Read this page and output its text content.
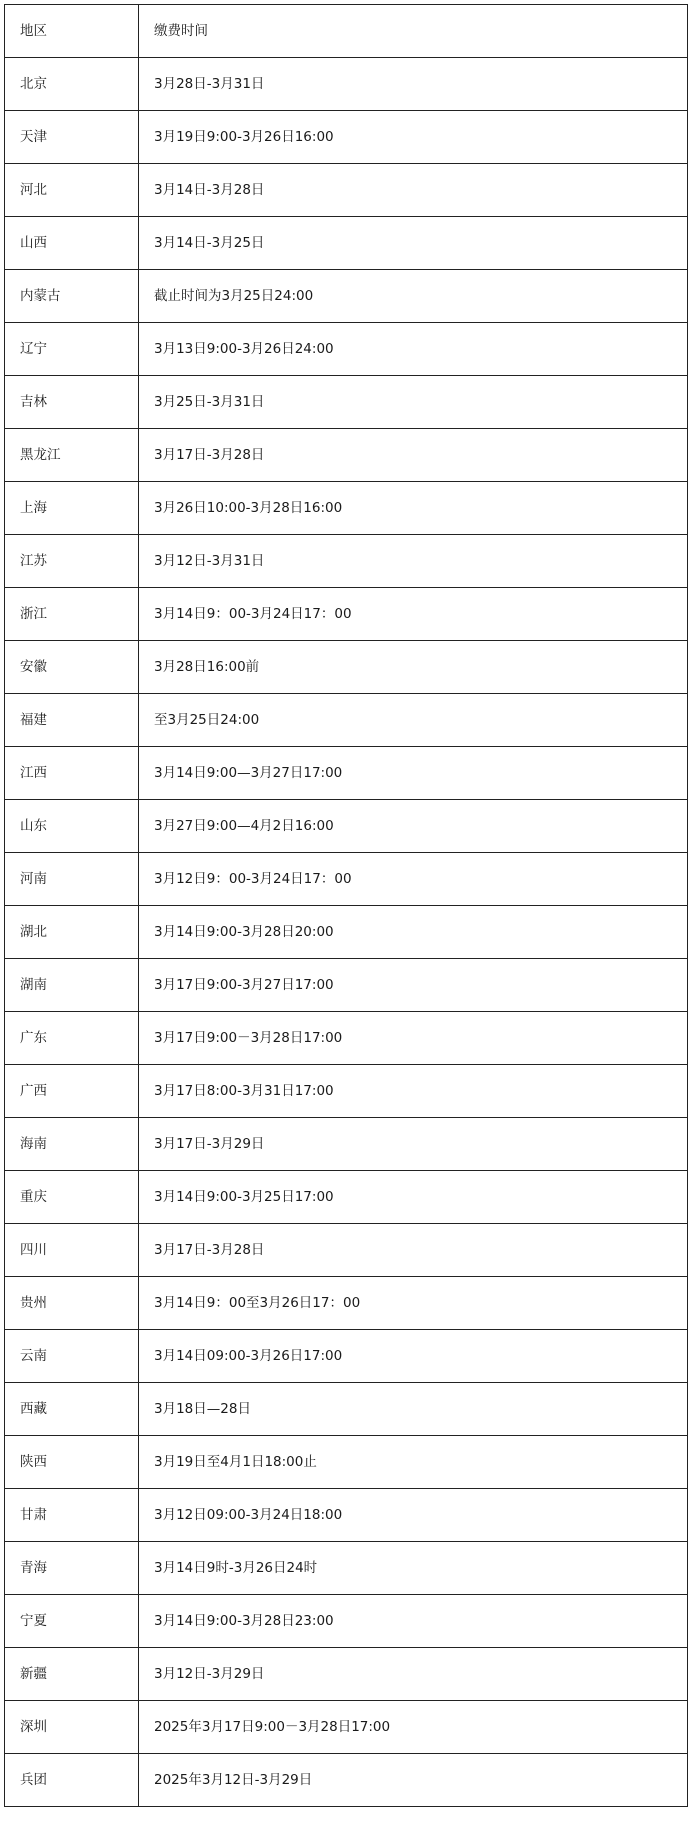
地区	缴费时间
北京	3月28日-3月31日
天津	3月19日9:00-3月26日16:00
河北	3月14日-3月28日
山西	3月14日-3月25日
内蒙古	截止时间为3月25日24:00
辽宁	3月13日9:00-3月26日24:00
吉林	3月25日-3月31日
黑龙江	3月17日-3月28日
上海	3月26日10:00-3月28日16:00
江苏	3月12日-3月31日
浙江	3月14日9：00-3月24日17：00
安徽	3月28日16:00前
福建	至3月25日24:00
江西	3月14日9:00—3月27日17:00
山东	3月27日9:00—4月2日16:00
河南	3月12日9：00-3月24日17：00
湖北	3月14日9:00-3月28日20:00
湖南	3月17日9:00-3月27日17:00
广东	3月17日9:00－3月28日17:00
广西	3月17日8:00-3月31日17:00
海南	3月17日-3月29日
重庆	3月14日9:00-3月25日17:00
四川	3月17日-3月28日
贵州	3月14日9：00至3月26日17：00
云南	3月14日09:00-3月26日17:00
西藏	3月18日—28日
陕西	3月19日至4月1日18:00止
甘肃	3月12日09:00-3月24日18:00
青海	3月14日9时-3月26日24时
宁夏	3月14日9:00-3月28日23:00
新疆	3月12日-3月29日
深圳	2025年3月17日9:00－3月28日17:00
兵团	2025年3月12日-3月29日
